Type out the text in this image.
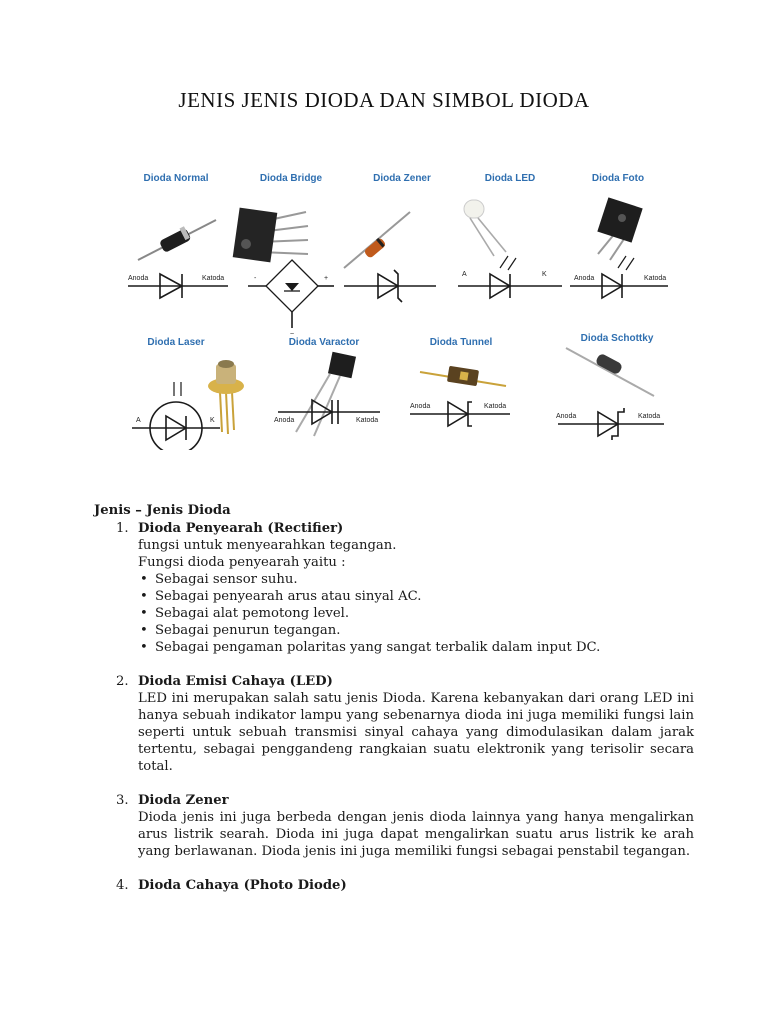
JENIS JENIS DIODA DAN SIMBOL DIODA
Dioda Normal	Dioda Bridge	Dioda Zener	Dioda LED	Dioda Foto
Anoda	Katoda	-	+
~
A	K
Anoda	Katoda
Dioda Laser	Dioda Varactor	Dioda Tunnel	Dioda Schottky
A	K	Anoda	Katoda
Anoda	Katoda
Anoda	Katoda
Jenis – Jenis Dioda
1. Dioda Penyearah (Rectifier)
fungsi untuk menyearahkan tegangan.
Fungsi dioda penyearah yaitu :
• Sebagai sensor suhu.
• Sebagai penyearah arus atau sinyal AC.
• Sebagai alat pemotong level.
• Sebagai penurun tegangan.
• Sebagai pengaman polaritas yang sangat terbalik dalam input DC.
2. Dioda Emisi Cahaya (LED)
LED ini merupakan salah satu jenis Dioda. Karena kebanyakan dari orang LED ini hanya sebuah indikator lampu yang sebenarnya dioda ini juga memiliki fungsi lain seperti untuk sebuah transmisi sinyal cahaya yang dimodulasikan dalam jarak tertentu, sebagai penggandeng rangkaian suatu elektronik yang terisolir secara total.
3. Dioda Zener
Dioda jenis ini juga berbeda dengan jenis dioda lainnya yang hanya mengalirkan arus listrik searah. Dioda ini juga dapat mengalirkan suatu arus listrik ke arah yang berlawanan. Dioda jenis ini juga memiliki fungsi sebagai penstabil tegangan.
4. Dioda Cahaya (Photo Diode)
